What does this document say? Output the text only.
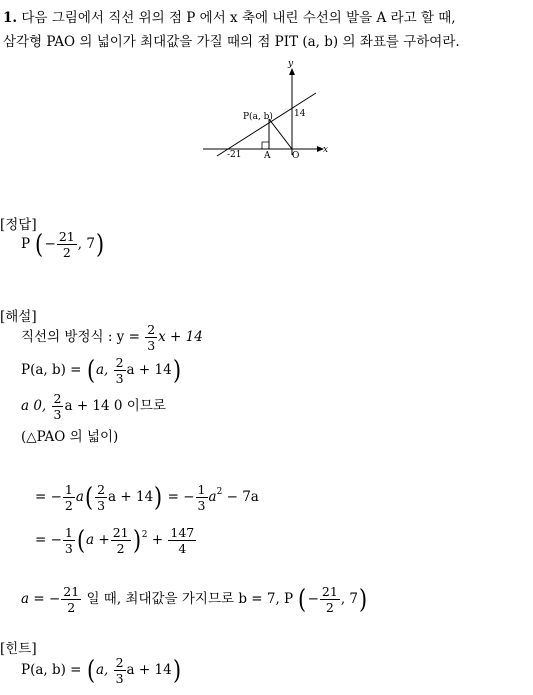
1. 다음 그림에서 직선 위의 점 P 에서 x 축에 내린 수선의 발을 A 라고 할 때,
삼각형 PAO 의 넓이가 최대값을 가질 때의 점 PIT (a, b) 의 좌표를 구하여라.
y
x
P(a, b) 14
-21	A O
[정답]
P (− $\frac{21}{2}$ , 7)
[해설]
직선의 방정식 : $y = \frac{2}{3}$ x + 14
P(a, b) = (a, $\frac{2}{3}$ a + 14)
a 0, $\frac{2}{3}$ a + 14 0 이므로
(△PAO 의 넓이)
= − $\frac{1}{2} a( \frac{2}{3}$ a + 14) = − $\frac{1}{3} a^2 - 7a$
= − $\frac{1}{3} (a + \frac{21}{2} )^2 + \frac{147}{4}$
a = − $\frac{21}{2}$ 일 때, 최대값을 가지므로 b = 7, P (− $\frac{21}{2}$ , 7)
[힌트]
P(a, b) = (a, $\frac{2}{3}$ a + 14)
